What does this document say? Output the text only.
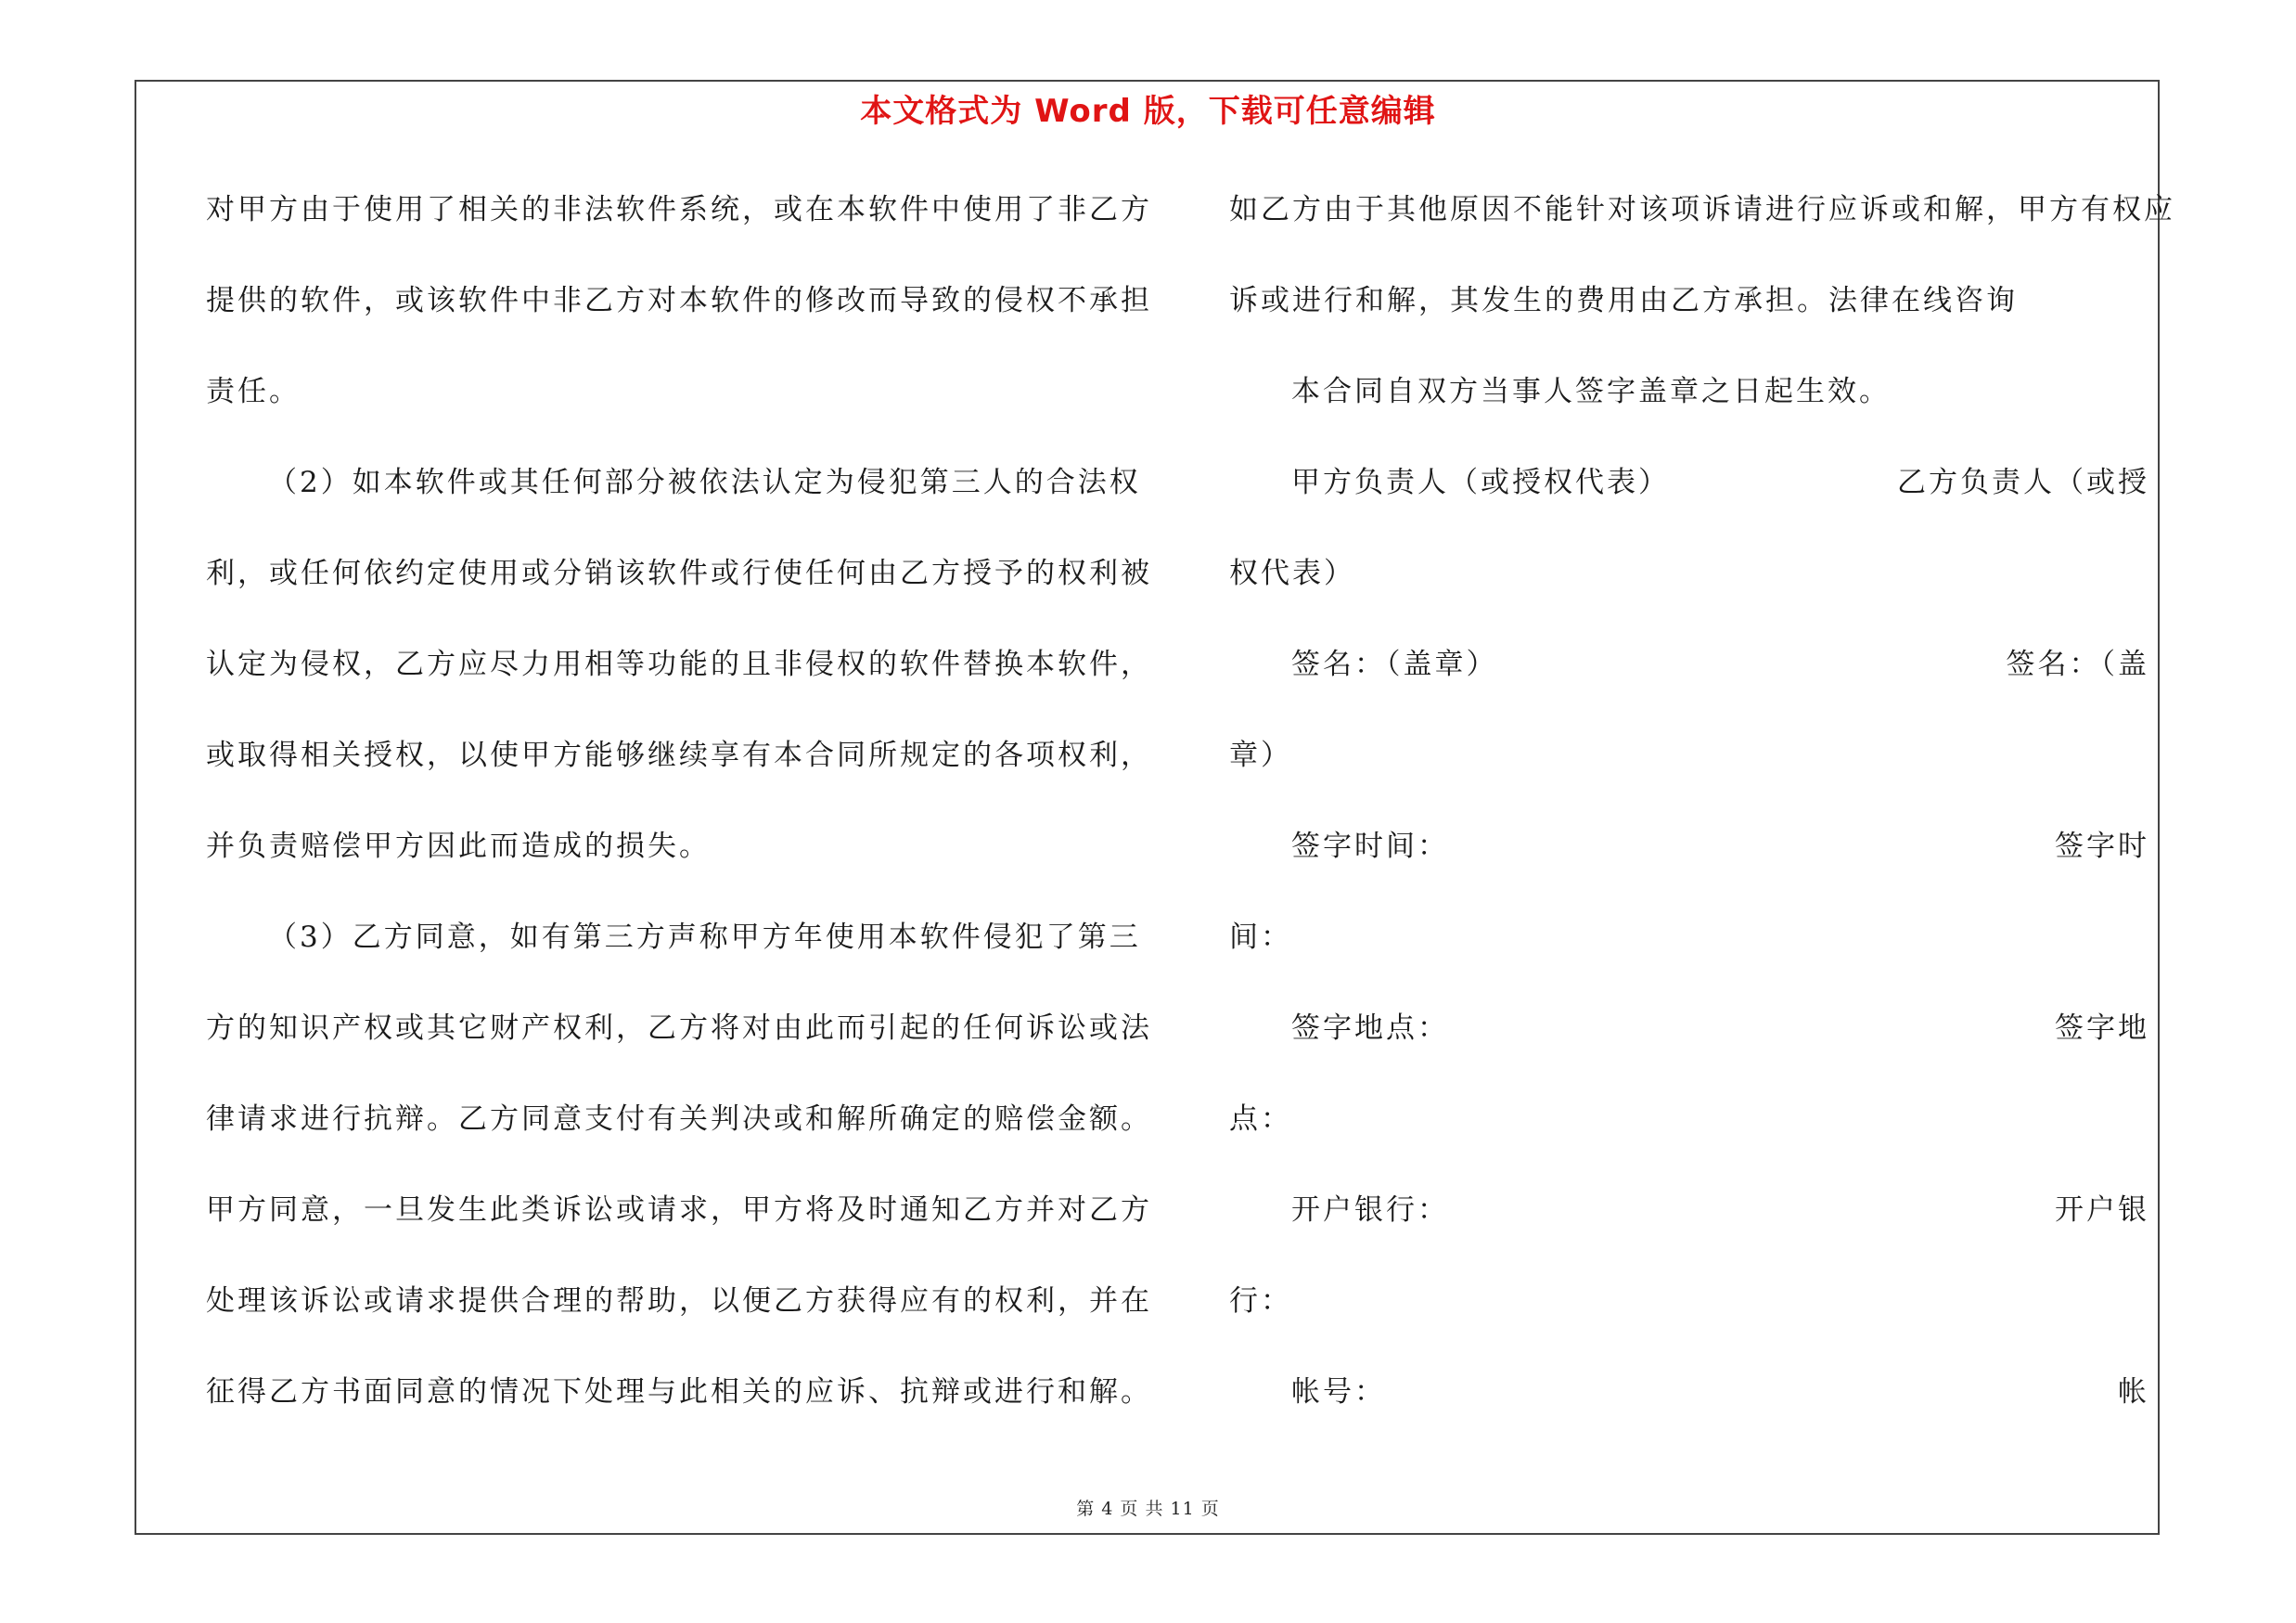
本文格式为 Word 版，下载可任意编辑
对甲方由于使用了相关的非法软件系统，或在本软件中使用了非乙方
提供的软件，或该软件中非乙方对本软件的修改而导致的侵权不承担
责任。
（2）如本软件或其任何部分被依法认定为侵犯第三人的合法权
利，或任何依约定使用或分销该软件或行使任何由乙方授予的权利被
认定为侵权，乙方应尽力用相等功能的且非侵权的软件替换本软件，
或取得相关授权，以使甲方能够继续享有本合同所规定的各项权利，
并负责赔偿甲方因此而造成的损失。
（3）乙方同意，如有第三方声称甲方年使用本软件侵犯了第三
方的知识产权或其它财产权利，乙方将对由此而引起的任何诉讼或法
律请求进行抗辩。乙方同意支付有关判决或和解所确定的赔偿金额。
甲方同意，一旦发生此类诉讼或请求，甲方将及时通知乙方并对乙方
处理该诉讼或请求提供合理的帮助，以便乙方获得应有的权利，并在
征得乙方书面同意的情况下处理与此相关的应诉、抗辩或进行和解。
如乙方由于其他原因不能针对该项诉请进行应诉或和解，甲方有权应
诉或进行和解，其发生的费用由乙方承担。法律在线咨询
本合同自双方当事人签字盖章之日起生效。
甲方负责人（或授权代表）	乙方负责人（或授
权代表）
签名：（盖章）	签名：（盖
章）
签字时间：	签字时
间：
签字地点：	签字地
点：
开户银行：	开户银
行：
帐号：	帐
第 4 页 共 11 页
